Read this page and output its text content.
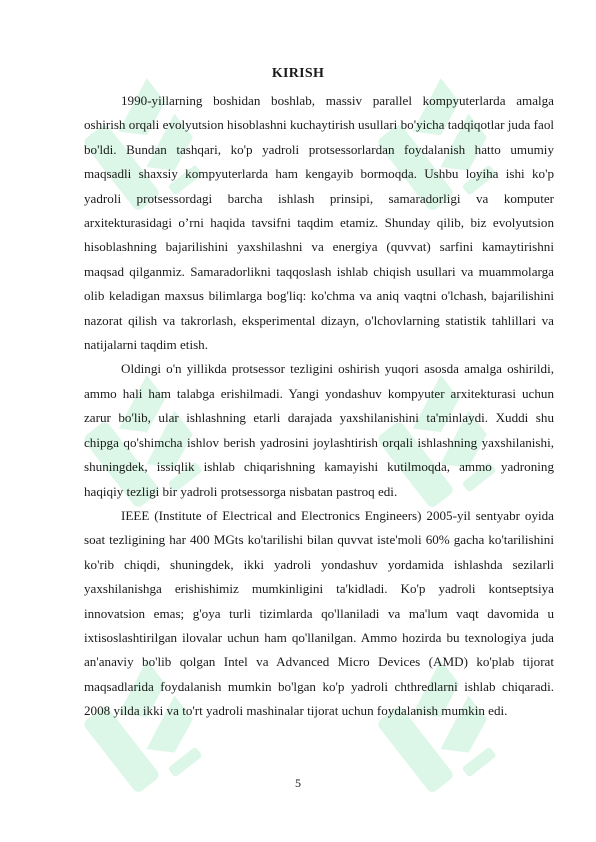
KIRISH

1990-yillarning boshidan boshlab, massiv parallel kompyuterlarda amalga oshirish orqali evolyutsion hisoblashni kuchaytirish usullari bo'yicha tadqiqotlar juda faol bo'ldi. Bundan tashqari, ko'p yadroli protsessorlardan foydalanish hatto umumiy maqsadli shaxsiy kompyuterlarda ham kengayib bormoqda. Ushbu loyiha ishi ko'p yadroli protsessordagi barcha ishlash prinsipi, samaradorligi va komputer arxitekturasidagi o’rni haqida tavsifni taqdim etamiz. Shunday qilib, biz evolyutsion hisoblashning bajarilishini yaxshilashni va energiya (quvvat) sarfini kamaytirishni maqsad qilganmiz. Samaradorlikni taqqoslash ishlab chiqish usullari va muammolarga olib keladigan maxsus bilimlarga bog'liq: ko'chma va aniq vaqtni o'lchash, bajarilishini nazorat qilish va takrorlash, eksperimental dizayn, o'lchovlarning statistik tahlillari va natijalarni taqdim etish.

Oldingi o'n yillikda protsessor tezligini oshirish yuqori asosda amalga oshirildi, ammo hali ham talabga erishilmadi. Yangi yondashuv kompyuter arxitekturasi uchun zarur bo'lib, ular ishlashning etarli darajada yaxshilanishini ta'minlaydi. Xuddi shu chipga qo'shimcha ishlov berish yadrosini joylashtirish orqali ishlashning yaxshilanishi, shuningdek, issiqlik ishlab chiqarishning kamayishi kutilmoqda, ammo yadroning haqiqiy tezligi bir yadroli protsessorga nisbatan pastroq edi.

IEEE (Institute of Electrical and Electronics Engineers) 2005-yil sentyabr oyida soat tezligining har 400 MGts ko'tarilishi bilan quvvat iste'moli 60% gacha ko'tarilishini ko'rib chiqdi, shuningdek, ikki yadroli yondashuv yordamida ishlashda sezilarli yaxshilanishga erishishimiz mumkinligini ta'kidladi. Ko'p yadroli kontseptsiya innovatsion emas; g'oya turli tizimlarda qo'llaniladi va ma'lum vaqt davomida u ixtisoslashtirilgan ilovalar uchun ham qo'llanilgan. Ammo hozirda bu texnologiya juda an'anaviy bo'lib qolgan Intel va Advanced Micro Devices (AMD) ko'plab tijorat maqsadlarida foydalanish mumkin bo'lgan ko'p yadroli chthredlarni ishlab chiqaradi. 2008 yilda ikki va to'rt yadroli mashinalar tijorat uchun foydalanish mumkin edi.

5
